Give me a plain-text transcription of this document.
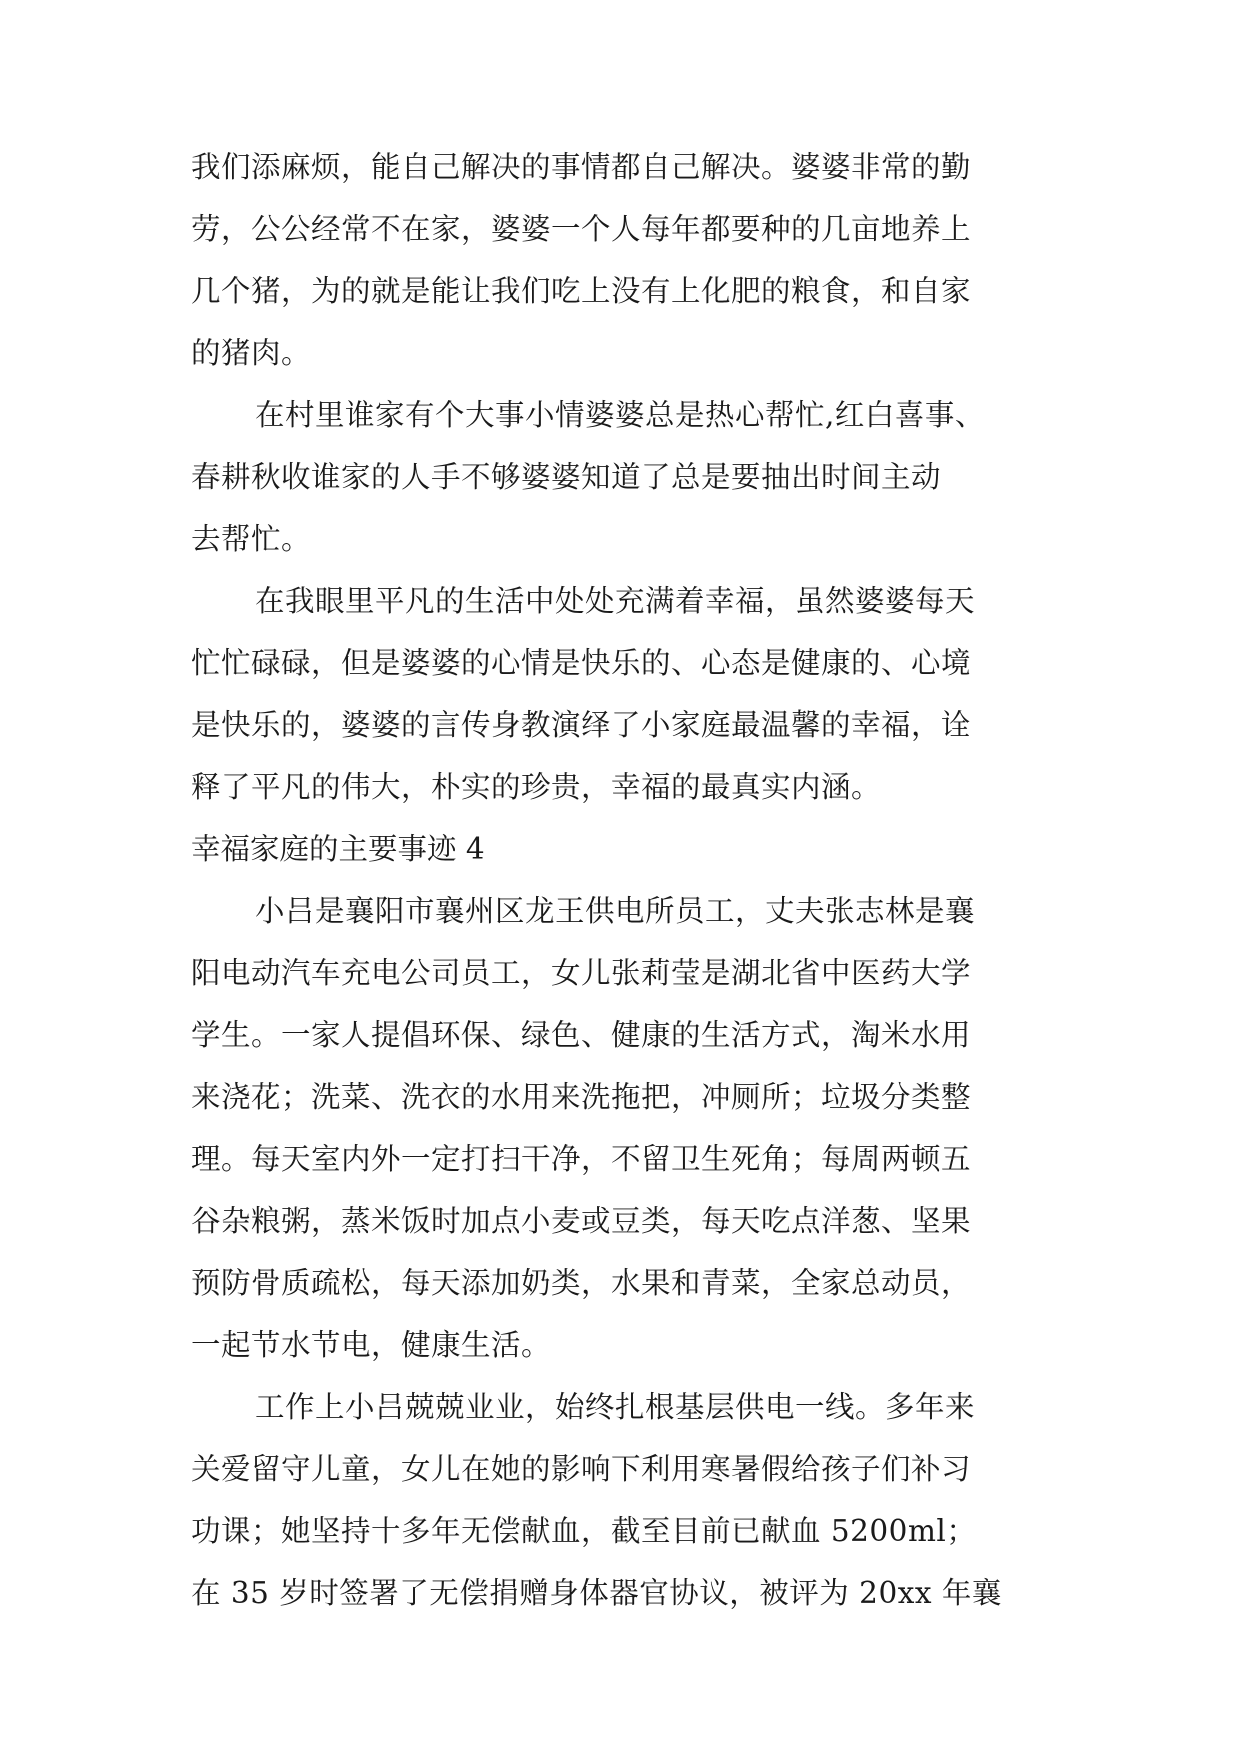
我们添麻烦，能自己解决的事情都自己解决。婆婆非常的勤
劳，公公经常不在家，婆婆一个人每年都要种的几亩地养上
几个猪，为的就是能让我们吃上没有上化肥的粮食，和自家
的猪肉。
在村里谁家有个大事小情婆婆总是热心帮忙,红白喜事、
春耕秋收谁家的人手不够婆婆知道了总是要抽出时间主动
去帮忙。
在我眼里平凡的生活中处处充满着幸福，虽然婆婆每天
忙忙碌碌，但是婆婆的心情是快乐的、心态是健康的、心境
是快乐的，婆婆的言传身教演绎了小家庭最温馨的幸福，诠
释了平凡的伟大，朴实的珍贵，幸福的最真实内涵。
幸福家庭的主要事迹 4
小吕是襄阳市襄州区龙王供电所员工，丈夫张志林是襄
阳电动汽车充电公司员工，女儿张莉莹是湖北省中医药大学
学生。一家人提倡环保、绿色、健康的生活方式，淘米水用
来浇花；洗菜、洗衣的水用来洗拖把，冲厕所；垃圾分类整
理。每天室内外一定打扫干净，不留卫生死角；每周两顿五
谷杂粮粥，蒸米饭时加点小麦或豆类，每天吃点洋葱、坚果
预防骨质疏松，每天添加奶类，水果和青菜，全家总动员，
一起节水节电，健康生活。
工作上小吕兢兢业业，始终扎根基层供电一线。多年来
关爱留守儿童，女儿在她的影响下利用寒暑假给孩子们补习
功课；她坚持十多年无偿献血，截至目前已献血 5200ml；
在 35 岁时签署了无偿捐赠身体器官协议，被评为 20xx 年襄
